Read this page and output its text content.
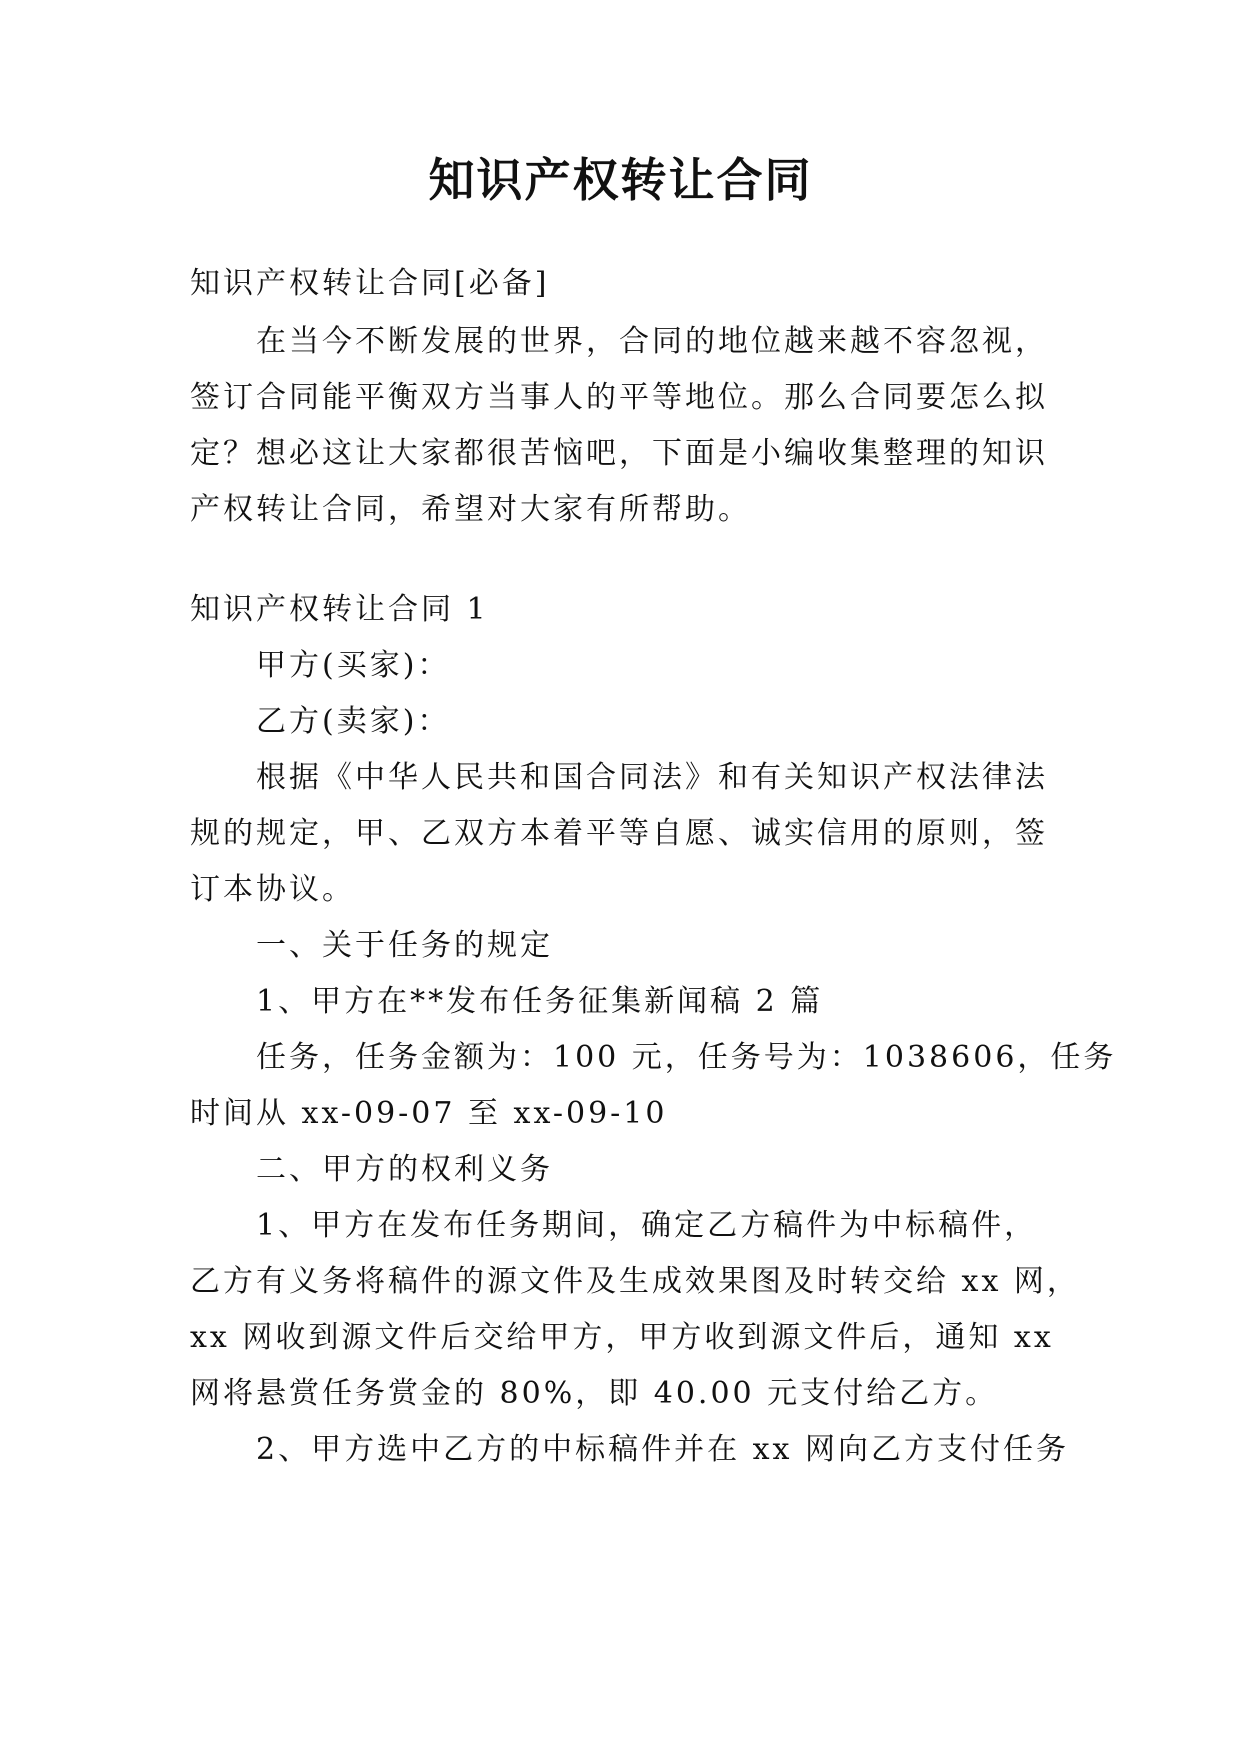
知识产权转让合同
知识产权转让合同[必备]
在当今不断发展的世界，合同的地位越来越不容忽视，
签订合同能平衡双方当事人的平等地位。那么合同要怎么拟
定？想必这让大家都很苦恼吧，下面是小编收集整理的知识
产权转让合同，希望对大家有所帮助。
知识产权转让合同 1
甲方(买家)：
乙方(卖家)：
根据《中华人民共和国合同法》和有关知识产权法律法
规的规定，甲、乙双方本着平等自愿、诚实信用的原则，签
订本协议。
一、关于任务的规定
1、甲方在**发布任务征集新闻稿 2 篇
任务，任务金额为：100 元，任务号为：1038606，任务
时间从 xx-09-07 至 xx-09-10
二、甲方的权利义务
1、甲方在发布任务期间，确定乙方稿件为中标稿件，
乙方有义务将稿件的源文件及生成效果图及时转交给 xx 网，
xx 网收到源文件后交给甲方，甲方收到源文件后，通知 xx
网将悬赏任务赏金的 80%，即 40.00 元支付给乙方。
2、甲方选中乙方的中标稿件并在 xx 网向乙方支付任务
